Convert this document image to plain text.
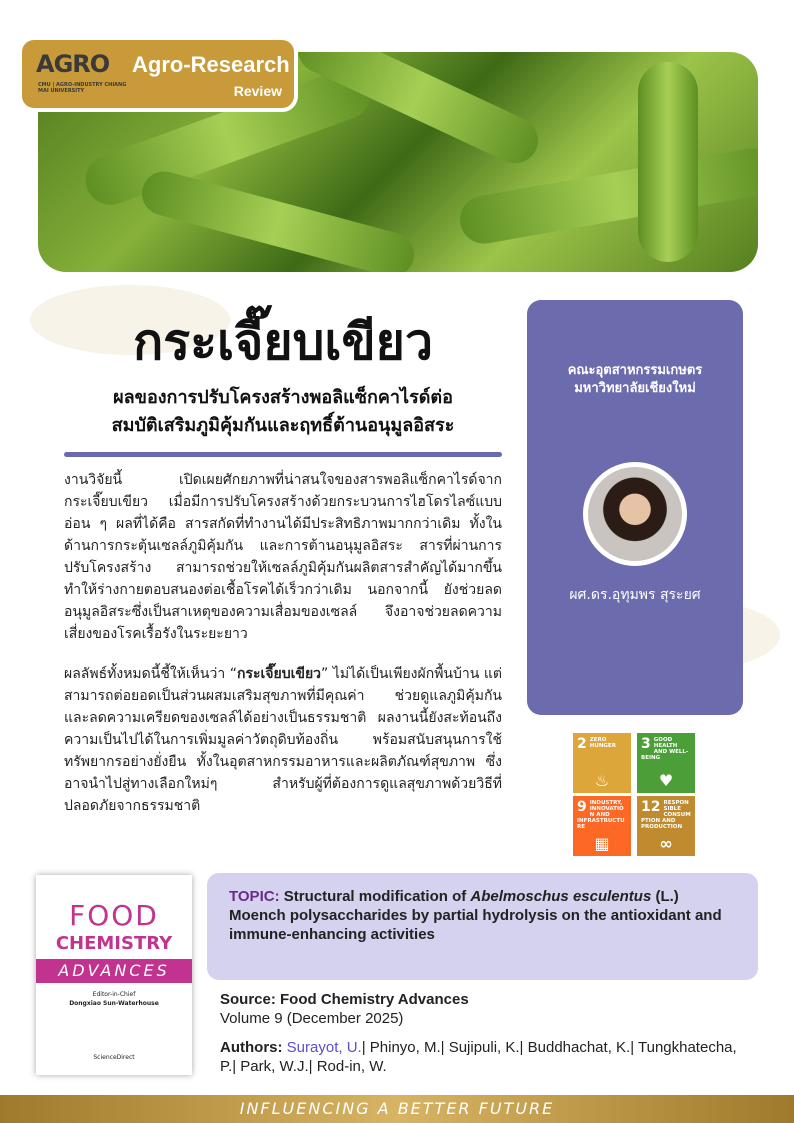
AGRO
CMU | AGRO-INDUSTRY CHIANG MAI UNIVERSITY
Agro-Research
Review
กระเจี๊ยบเขียว
ผลของการปรับโครงสร้างพอลิแซ็กคาไรด์ต่อ
สมบัติเสริมภูมิคุ้มกันและฤทธิ์ต้านอนุมูลอิสระ

งานวิจัยนี้ เปิดเผยศักยภาพที่น่าสนใจของสารพอลิแซ็กคาไรด์จากกระเจี๊ยบเขียว เมื่อมีการปรับโครงสร้างด้วยกระบวนการไฮโดรไลซ์แบบอ่อน ๆ ผลที่ได้คือ สารสกัดที่ทำงานได้มีประสิทธิภาพมากกว่าเดิม ทั้งในด้านการกระตุ้นเซลล์ภูมิคุ้มกัน และการต้านอนุมูลอิสระ สารที่ผ่านการปรับโครงสร้าง สามารถช่วยให้เซลล์ภูมิคุ้มกันผลิตสารสำคัญได้มากขึ้น ทำให้ร่างกายตอบสนองต่อเชื้อโรคได้เร็วกว่าเดิม นอกจากนี้ ยังช่วยลดอนุมูลอิสระซึ่งเป็นสาเหตุของความเสื่อมของเซลล์ จึงอาจช่วยลดความเสี่ยงของโรคเรื้อรังในระยะยาว

ผลลัพธ์ทั้งหมดนี้ชี้ให้เห็นว่า “กระเจี๊ยบเขียว” ไม่ได้เป็นเพียงผักพื้นบ้าน แต่สามารถต่อยอดเป็นส่วนผสมเสริมสุขภาพที่มีคุณค่า ช่วยดูแลภูมิคุ้มกัน และลดความเครียดของเซลล์ได้อย่างเป็นธรรมชาติ ผลงานนี้ยังสะท้อนถึงความเป็นไปได้ในการเพิ่มมูลค่าวัตถุดิบท้องถิ่น พร้อมสนับสนุนการใช้ทรัพยากรอย่างยั่งยืน ทั้งในอุตสาหกรรมอาหารและผลิตภัณฑ์สุขภาพ ซึ่งอาจนำไปสู่ทางเลือกใหม่ๆ สำหรับผู้ที่ต้องการดูแลสุขภาพด้วยวิธีที่ปลอดภัยจากธรรมชาติ

คณะอุตสาหกรรมเกษตร
มหาวิทยาลัยเชียงใหม่
ผศ.ดร.อุทุมพร สุระยศ
2 ZERO HUNGER
♨
3 GOOD HEALTH AND WELL-BEING
♥
9 INDUSTRY, INNOVATION AND INFRASTRUCTURE
▦
12 RESPONSIBLE CONSUMPTION AND PRODUCTION
∞
FOOD
CHEMISTRY
ADVANCES
Editor-in-Chief
Dongxiao Sun-Waterhouse
ScienceDirect
TOPIC: Structural modification of Abelmoschus esculentus (L.) Moench polysaccharides by partial hydrolysis on the antioxidant and immune-enhancing activities
Source: Food Chemistry Advances
Volume 9 (December 2025)
Authors: Surayot, U.| Phinyo, M.| Sujipuli, K.| Buddhachat, K.| Tungkhatecha, P.| Park, W.J.| Rod-in, W.
INFLUENCING A BETTER FUTURE
